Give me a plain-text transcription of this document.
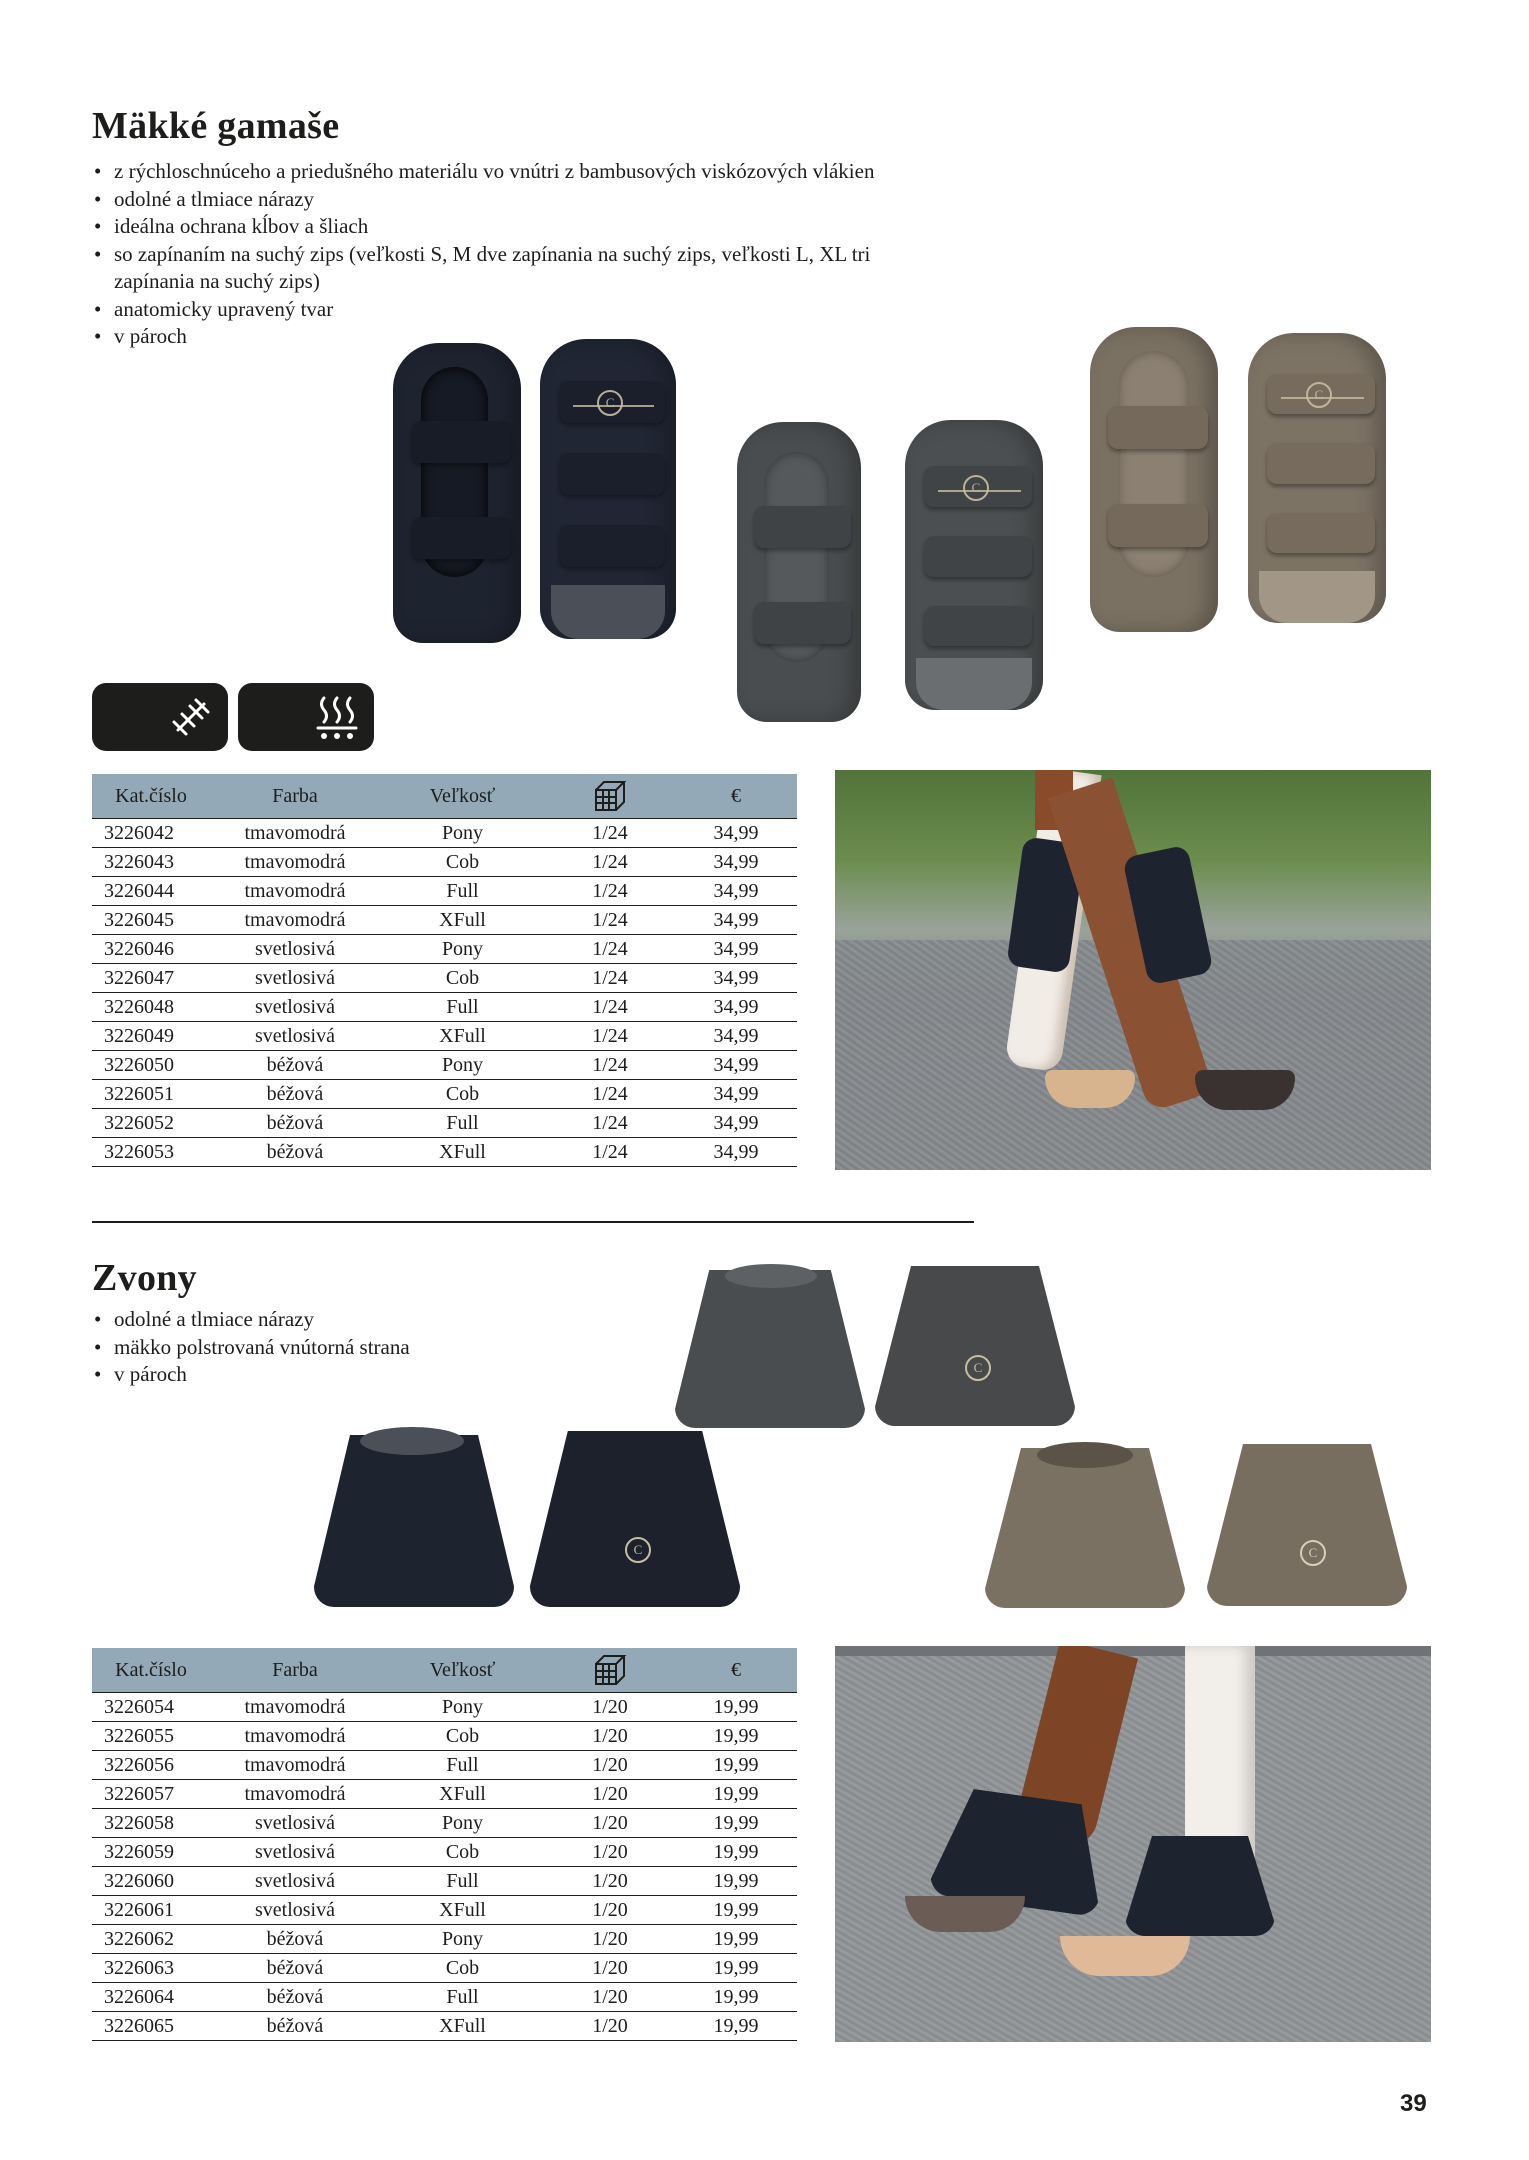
Mäkké gamaše
• z rýchloschnúceho a priedušného materiálu vo vnútri z bambusových viskózových vlákien
• odolné a tlmiace nárazy
• ideálna ochrana kĺbov a šliach
• so zapínaním na suchý zips (veľkosti S, M dve zapínania na suchý zips, veľkosti L, XL tri zapínania na suchý zips)
• anatomicky upravený tvar
• v pároch
C
C
C
Kat.číslo	Farba	Veľkosť		€
3226042	tmavomodrá	Pony	1/24	34,99
3226043	tmavomodrá	Cob	1/24	34,99
3226044	tmavomodrá	Full	1/24	34,99
3226045	tmavomodrá	XFull	1/24	34,99
3226046	svetlosivá	Pony	1/24	34,99
3226047	svetlosivá	Cob	1/24	34,99
3226048	svetlosivá	Full	1/24	34,99
3226049	svetlosivá	XFull	1/24	34,99
3226050	béžová	Pony	1/24	34,99
3226051	béžová	Cob	1/24	34,99
3226052	béžová	Full	1/24	34,99
3226053	béžová	XFull	1/24	34,99
Zvony
• odolné a tlmiace nárazy
• mäkko polstrovaná vnútorná strana
• v pároch	C
C	C
Kat.číslo	Farba	Veľkosť		€
3226054	tmavomodrá	Pony	1/20	19,99
3226055	tmavomodrá	Cob	1/20	19,99
3226056	tmavomodrá	Full	1/20	19,99
3226057	tmavomodrá	XFull	1/20	19,99
3226058	svetlosivá	Pony	1/20	19,99
3226059	svetlosivá	Cob	1/20	19,99
3226060	svetlosivá	Full	1/20	19,99
3226061	svetlosivá	XFull	1/20	19,99
3226062	béžová	Pony	1/20	19,99
3226063	béžová	Cob	1/20	19,99
3226064	béžová	Full	1/20	19,99
3226065	béžová	XFull	1/20	19,99
39
